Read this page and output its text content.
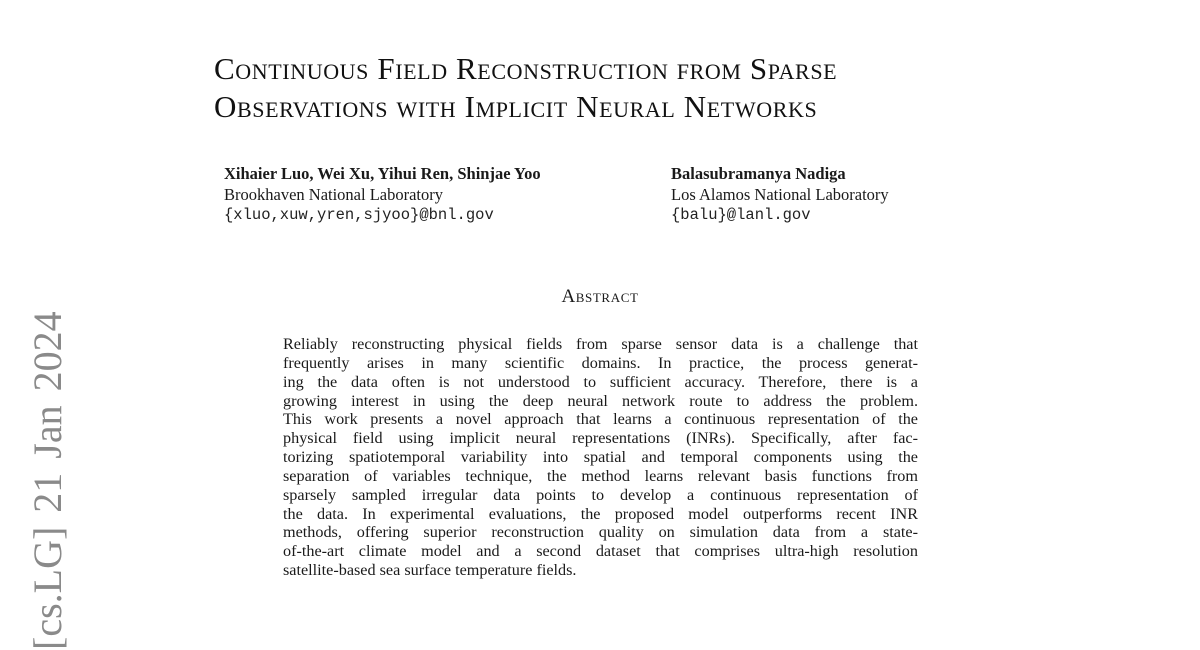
Continuous Field Reconstruction from Sparse
Observations with Implicit Neural Networks
Xihaier Luo, Wei Xu, Yihui Ren, Shinjae Yoo
Brookhaven National Laboratory
{xluo,xuw,yren,sjyoo}@bnl.gov
Balasubramanya Nadiga
Los Alamos National Laboratory
{balu}@lanl.gov
Abstract
Reliably reconstructing physical fields from sparse sensor data is a challenge that
frequently arises in many scientific domains. In practice, the process generat-
ing the data often is not understood to sufficient accuracy. Therefore, there is a
growing interest in using the deep neural network route to address the problem.
This work presents a novel approach that learns a continuous representation of the
physical field using implicit neural representations (INRs). Specifically, after fac-
torizing spatiotemporal variability into spatial and temporal components using the
separation of variables technique, the method learns relevant basis functions from
sparsely sampled irregular data points to develop a continuous representation of
the data. In experimental evaluations, the proposed model outperforms recent INR
methods, offering superior reconstruction quality on simulation data from a state-
of-the-art climate model and a second dataset that comprises ultra-high resolution
satellite-based sea surface temperature fields.
[cs.LG]21 Jan 2024
